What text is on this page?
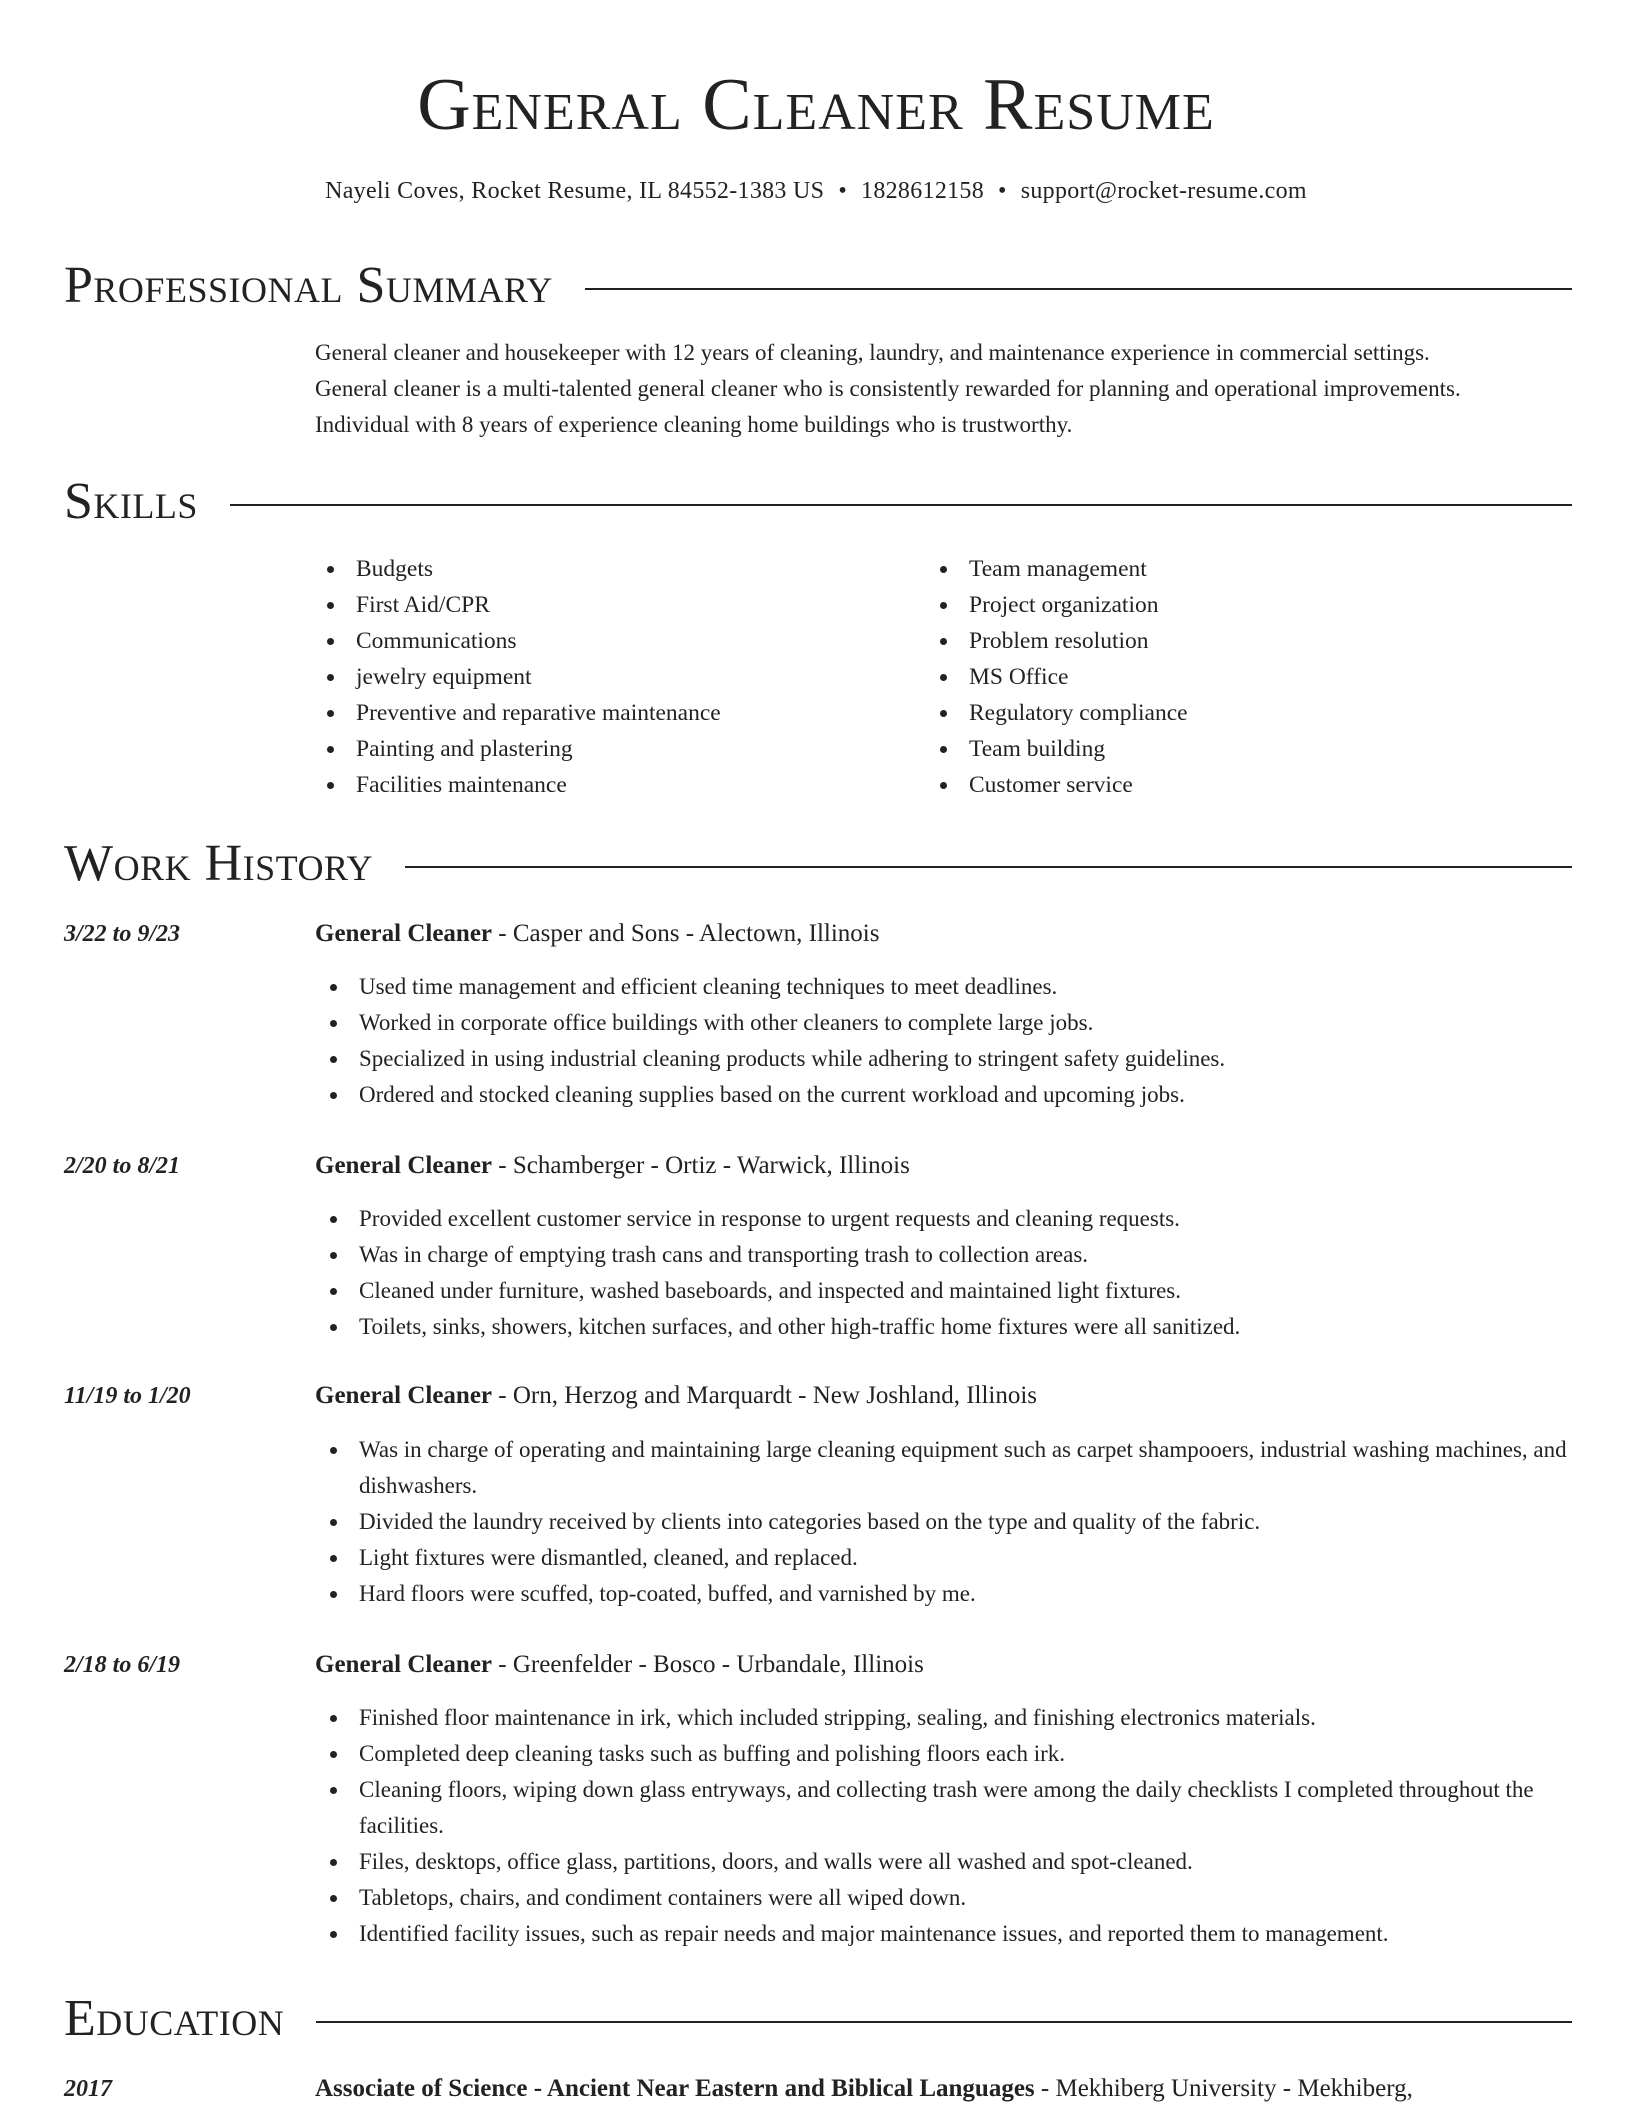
General Cleaner Resume
Nayeli Coves, Rocket Resume, IL 84552-1383 US • 1828612158 • support@rocket-resume.com
Professional Summary

General cleaner and housekeeper with 12 years of cleaning, laundry, and maintenance experience in commercial settings.

General cleaner is a multi-talented general cleaner who is consistently rewarded for planning and operational improvements.

Individual with 8 years of experience cleaning home buildings who is trustworthy.

Skills
Budgets
First Aid/CPR
Communications
jewelry equipment
Preventive and reparative maintenance
Painting and plastering
Facilities maintenance
Team management
Project organization
Problem resolution
MS Office
Regulatory compliance
Team building
Customer service
Work History
3/22 to 9/23	General Cleaner - Casper and Sons - Alectown, Illinois
Used time management and efficient cleaning techniques to meet deadlines.
Worked in corporate office buildings with other cleaners to complete large jobs.
Specialized in using industrial cleaning products while adhering to stringent safety guidelines.
Ordered and stocked cleaning supplies based on the current workload and upcoming jobs.
2/20 to 8/21	General Cleaner - Schamberger - Ortiz - Warwick, Illinois
Provided excellent customer service in response to urgent requests and cleaning requests.
Was in charge of emptying trash cans and transporting trash to collection areas.
Cleaned under furniture, washed baseboards, and inspected and maintained light fixtures.
Toilets, sinks, showers, kitchen surfaces, and other high-traffic home fixtures were all sanitized.
11/19 to 1/20	General Cleaner - Orn, Herzog and Marquardt - New Joshland, Illinois
Was in charge of operating and maintaining large cleaning equipment such as carpet shampooers, industrial washing machines, and dishwashers.
Divided the laundry received by clients into categories based on the type and quality of the fabric.
Light fixtures were dismantled, cleaned, and replaced.
Hard floors were scuffed, top-coated, buffed, and varnished by me.
2/18 to 6/19	General Cleaner - Greenfelder - Bosco - Urbandale, Illinois
Finished floor maintenance in irk, which included stripping, sealing, and finishing electronics materials.
Completed deep cleaning tasks such as buffing and polishing floors each irk.
Cleaning floors, wiping down glass entryways, and collecting trash were among the daily checklists I completed throughout the facilities.
Files, desktops, office glass, partitions, doors, and walls were all washed and spot-cleaned.
Tabletops, chairs, and condiment containers were all wiped down.
Identified facility issues, such as repair needs and major maintenance issues, and reported them to management.
Education
2017	Associate of Science - Ancient Near Eastern and Biblical Languages - Mekhiberg University - Mekhiberg,
